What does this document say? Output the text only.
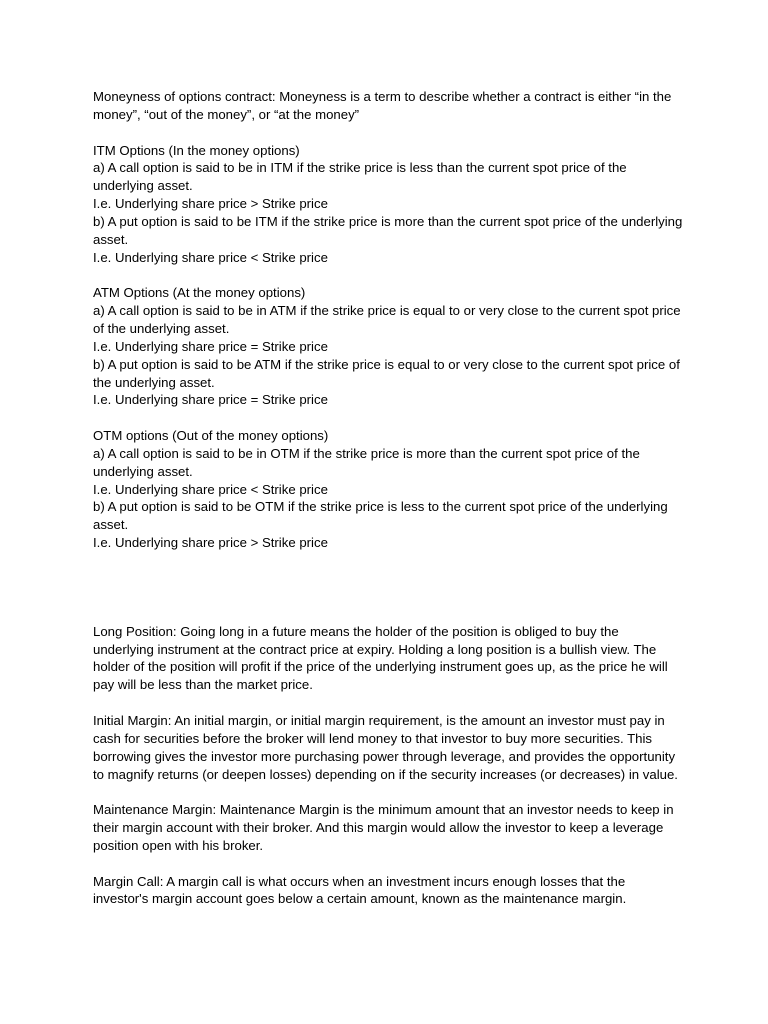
Moneyness of options contract: Moneyness is a term to describe whether a contract is either “in the money”, “out of the money”, or “at the money”
ITM Options (In the money options)
a) A call option is said to be in ITM if the strike price is less than the current spot price of the underlying asset.
I.e. Underlying share price > Strike price
b) A put option is said to be ITM if the strike price is more than the current spot price of the underlying asset.
I.e. Underlying share price < Strike price
ATM Options (At the money options)
a) A call option is said to be in ATM if the strike price is equal to or very close to the current spot price of the underlying asset.
I.e. Underlying share price = Strike price
b) A put option is said to be ATM if the strike price is equal to or very close to the current spot price of the underlying asset.
I.e. Underlying share price = Strike price
OTM options (Out of the money options)
a) A call option is said to be in OTM if the strike price is more than the current spot price of the underlying asset.
I.e. Underlying share price < Strike price
b) A put option is said to be OTM if the strike price is less to the current spot price of the underlying asset.
I.e. Underlying share price > Strike price
Long Position: Going long in a future means the holder of the position is obliged to buy the underlying instrument at the contract price at expiry. Holding a long position is a bullish view. The holder of the position will profit if the price of the underlying instrument goes up, as the price he will pay will be less than the market price.
Initial Margin: An initial margin, or initial margin requirement, is the amount an investor must pay in cash for securities before the broker will lend money to that investor to buy more securities. This borrowing gives the investor more purchasing power through leverage, and provides the opportunity to magnify returns (or deepen losses) depending on if the security increases (or decreases) in value.
Maintenance Margin: Maintenance Margin is the minimum amount that an investor needs to keep in their margin account with their broker. And this margin would allow the investor to keep a leverage position open with his broker.
Margin Call: A margin call is what occurs when an investment incurs enough losses that the investor's margin account goes below a certain amount, known as the maintenance margin.
